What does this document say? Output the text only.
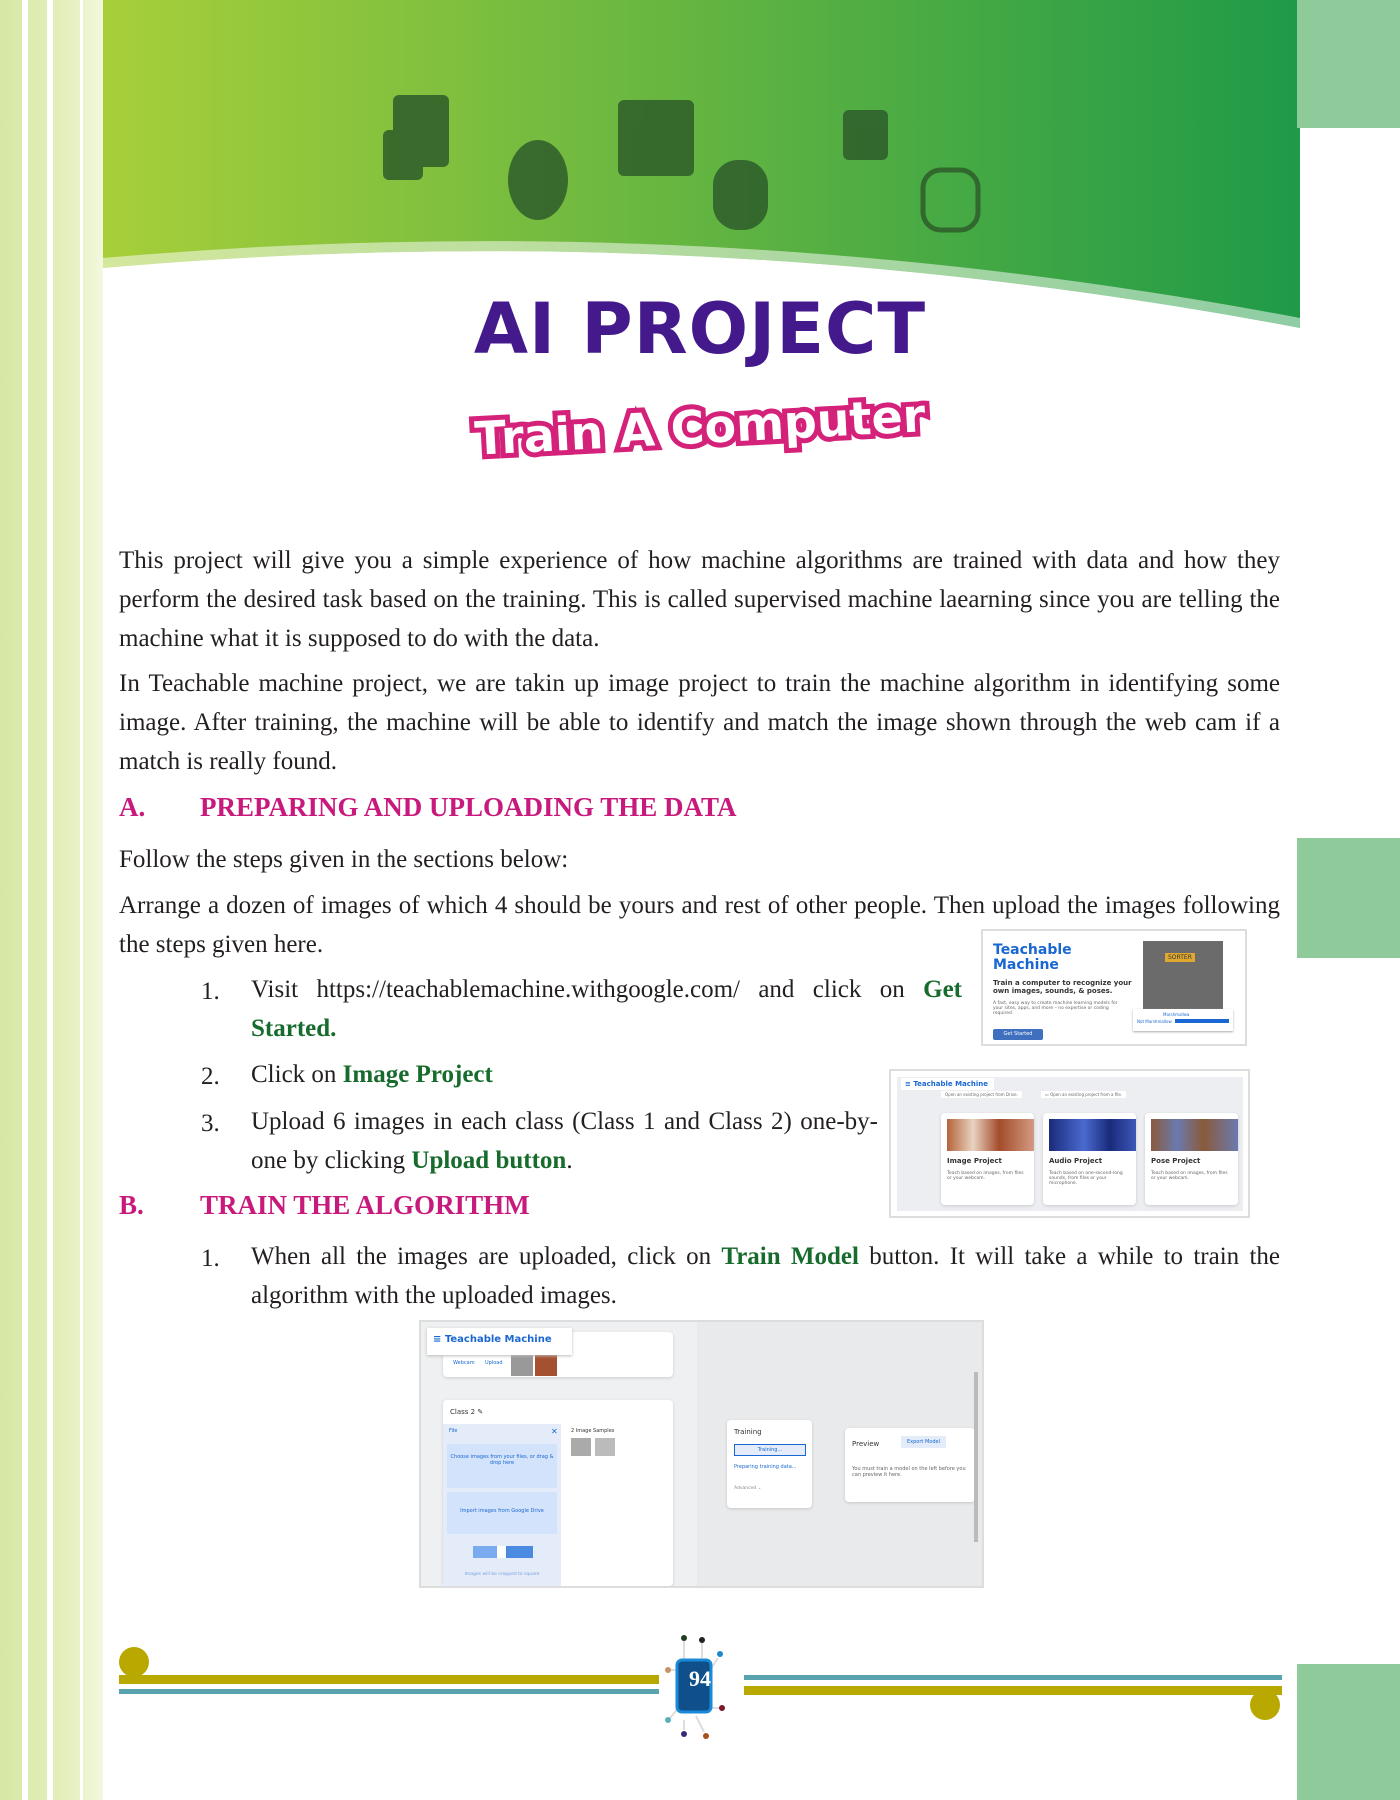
AI PROJECT
Train A Computer
This project will give you a simple experience of how machine algorithms are trained with data and how they perform the desired task based on the training. This is called supervised machine laearning since you are telling the machine what it is supposed to do with the data.
In Teachable machine project, we are takin up image project to train the machine algorithm in identifying some image. After training, the machine will be able to identify and match the image shown through the web cam if a match is really found.
A. PREPARING AND UPLOADING THE DATA
Follow the steps given in the sections below:
Arrange a dozen of images of which 4 should be yours and rest of other people. Then upload the images following the steps given here.
1. Visit https://teachablemachine.withgoogle.com/ and click on Get Started.
2. Click on Image Project
3. Upload 6 images in each class (Class 1 and Class 2) one-by-one by clicking Upload button.
B. TRAIN THE ALGORITHM
1. When all the images are uploaded, click on Train Model button. It will take a while to train the algorithm with the uploaded images.
Teachable
Machine
Train a computer to recognize your own images, sounds, & poses.
A fast, easy way to create machine learning models for your sites, apps, and more – no expertise or coding required.
Get Started
SORTER
Marshmallow
Not Marshmallow
≡ Teachable Machine
Open an existing project from Drive.	▭ Open an existing project from a file.
Image Project
Teach based on images, from files or your webcam.
Audio Project
Teach based on one-second-long sounds, from files or your microphone.
Pose Project
Teach based on images, from files or your webcam.
Webcam Upload
≡ Teachable Machine
Class 2 ✎
File	✕
Choose images from your files, or drag & drop here
Import images from Google Drive
Images will be cropped to square
2 Image Samples	Training
Training...
Preparing training data...
Advanced ⌄
Preview	Export Model
You must train a model on the left before you can preview it here.
94
